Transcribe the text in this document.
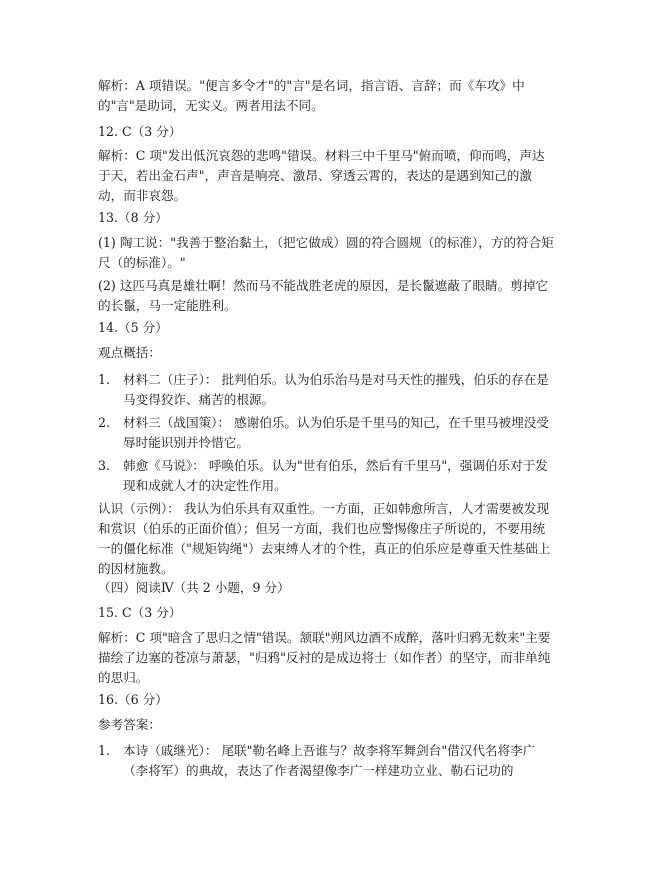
解析：A 项错误。"便言多令才"的"言"是名词，指言语、言辞；而《车攻》中的"言"是助词，无实义。两者用法不同。

12. C（3 分）

解析：C 项"发出低沉哀怨的悲鸣"错误。材料三中千里马"俯而喷，仰而鸣，声达于天，若出金石声"，声音是响亮、激昂、穿透云霄的，表达的是遇到知己的激动，而非哀怨。

13.（8 分）

(1) 陶工说："我善于整治黏土，（把它做成）圆的符合圆规（的标准），方的符合矩尺（的标准）。"

(2) 这匹马真是雄壮啊！然而马不能战胜老虎的原因，是长鬣遮蔽了眼睛。剪掉它的长鬣，马一定能胜利。

14.（5 分）

观点概括：

1. 材料二（庄子）： 批判伯乐。认为伯乐治马是对马天性的摧残，伯乐的存在是马变得狡诈、痛苦的根源。
2. 材料三（战国策）： 感谢伯乐。认为伯乐是千里马的知己，在千里马被埋没受辱时能识别并怜惜它。
3. 韩愈《马说》： 呼唤伯乐。认为"世有伯乐，然后有千里马"，强调伯乐对于发现和成就人才的决定性作用。

认识（示例）： 我认为伯乐具有双重性。一方面，正如韩愈所言，人才需要被发现和赏识（伯乐的正面价值）；但另一方面，我们也应警惕像庄子所说的，不要用统一的僵化标准（"规矩钩绳"）去束缚人才的个性，真正的伯乐应是尊重天性基础上的因材施教。

（四）阅读Ⅳ（共 2 小题，9 分）

15. C（3 分）

解析：C 项"暗含了思归之情"错误。颔联"朔风边酒不成醉，落叶归鸦无数来"主要描绘了边塞的苍凉与萧瑟，"归鸦"反衬的是成边将士（如作者）的坚守，而非单纯的思归。

16.（6 分）

参考答案：

1. 本诗（戚继光）： 尾联"勒名峰上吾谁与？故李将军舞剑台"借汉代名将李广（李将军）的典故，表达了作者渴望像李广一样建功立业、勒石记功的
